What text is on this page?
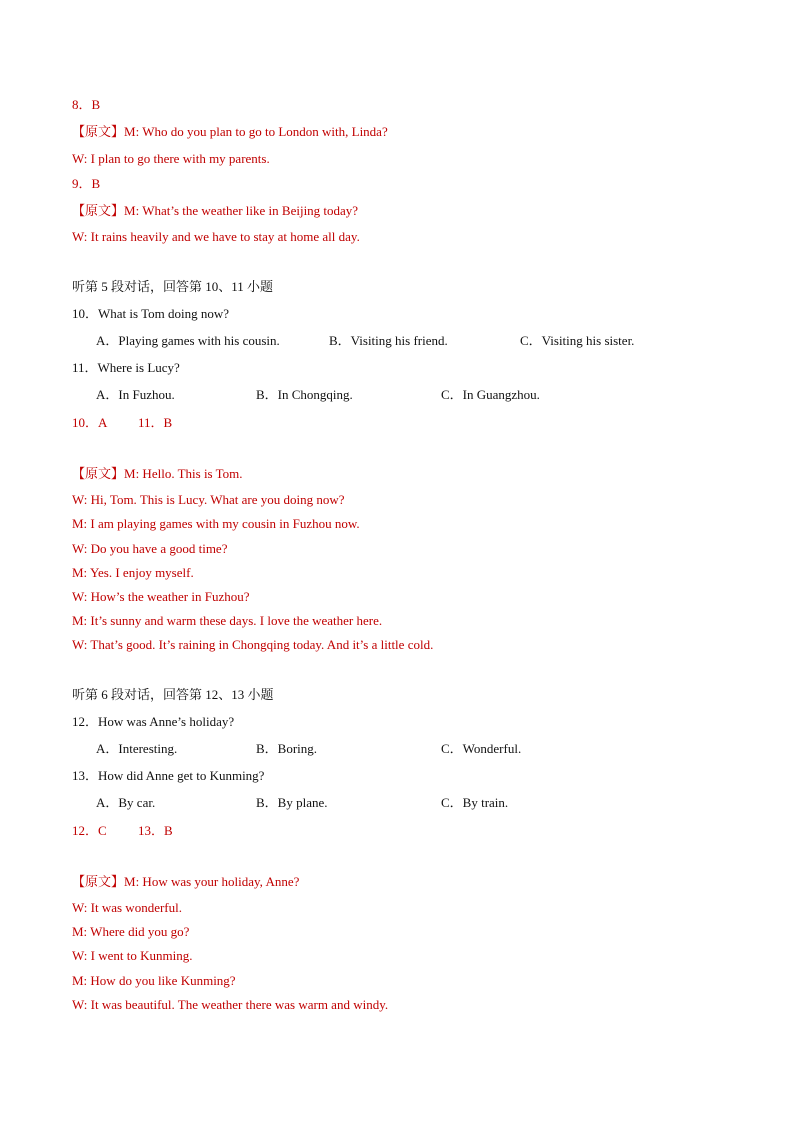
8．B
【原文】M: Who do you plan to go to London with, Linda?
W: I plan to go there with my parents.
9．B
【原文】M: What’s the weather like in Beijing today?
W: It rains heavily and we have to stay at home all day.
听第 5 段对话，回答第 10、11 小题
10．What is Tom doing now?
A．Playing games with his cousin.	B．Visiting his friend.	C．Visiting his sister.
11．Where is Lucy?
A．In Fuzhou.	B．In Chongqing.	C．In Guangzhou.
10．A 11．B
【原文】M: Hello. This is Tom.
W: Hi, Tom. This is Lucy. What are you doing now?
M: I am playing games with my cousin in Fuzhou now.
W: Do you have a good time?
M: Yes. I enjoy myself.
W: How’s the weather in Fuzhou?
M: It’s sunny and warm these days. I love the weather here.
W: That’s good. It’s raining in Chongqing today. And it’s a little cold.
听第 6 段对话，回答第 12、13 小题
12．How was Anne’s holiday?
A．Interesting.	B．Boring.	C．Wonderful.
13．How did Anne get to Kunming?
A．By car.	B．By plane.	C．By train.
12．C 13．B
【原文】M: How was your holiday, Anne?
W: It was wonderful.
M: Where did you go?
W: I went to Kunming.
M: How do you like Kunming?
W: It was beautiful. The weather there was warm and windy.
